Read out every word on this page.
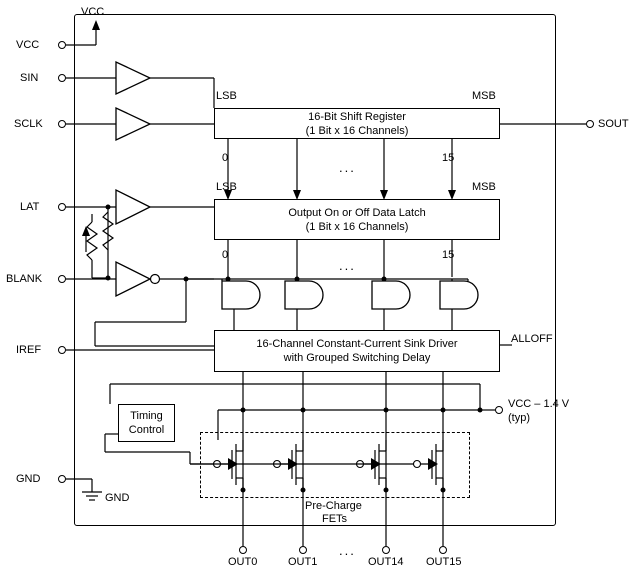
16-Bit Shift Register
(1 Bit x 16 Channels)
Output On or Off Data Latch
(1 Bit x 16 Channels)
16-Channel Constant-Current Sink Driver
with Grouped Switching Delay
Timing
Control
VCC
SIN
SCLK
LAT
BLANK
IREF
GND
SOUT
VCC
GND
LSB	MSB
0	15
LSB	MSB
0	15
ALLOFF
VCC – 1.4 V
(typ)
Pre-Charge
FETs
OUT0	OUT1	OUT14 OUT15
...
...
...
